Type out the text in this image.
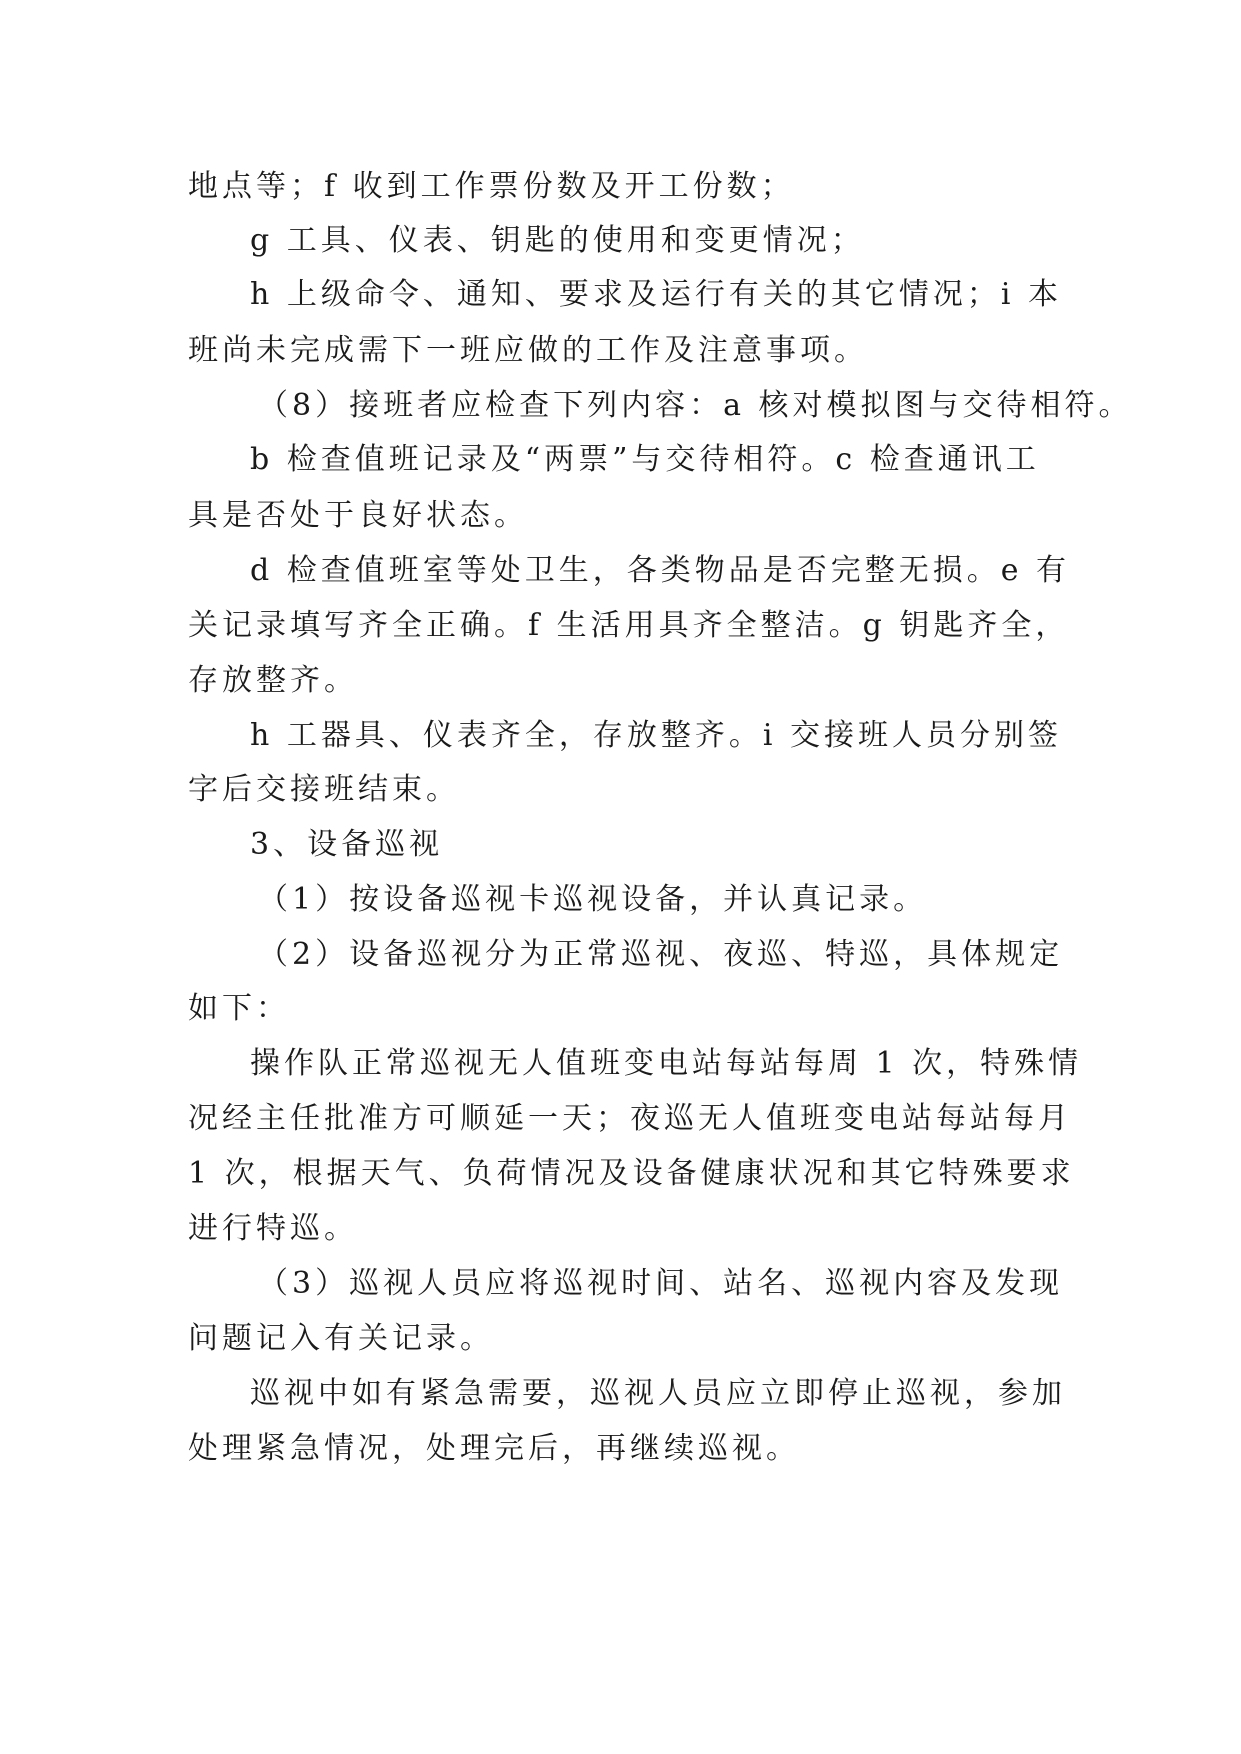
地点等；f 收到工作票份数及开工份数；
g 工具、仪表、钥匙的使用和变更情况；
h 上级命令、通知、要求及运行有关的其它情况；i 本
班尚未完成需下一班应做的工作及注意事项。
（8）接班者应检查下列内容：a 核对模拟图与交待相符。
b 检查值班记录及“两票”与交待相符。c 检查通讯工
具是否处于良好状态。
d 检查值班室等处卫生，各类物品是否完整无损。e 有
关记录填写齐全正确。f 生活用具齐全整洁。g 钥匙齐全，
存放整齐。
h 工器具、仪表齐全，存放整齐。i 交接班人员分别签
字后交接班结束。
3、设备巡视
（1）按设备巡视卡巡视设备，并认真记录。
（2）设备巡视分为正常巡视、夜巡、特巡，具体规定
如下：
操作队正常巡视无人值班变电站每站每周 1 次，特殊情
况经主任批准方可顺延一天；夜巡无人值班变电站每站每月
1 次，根据天气、负荷情况及设备健康状况和其它特殊要求
进行特巡。
（3）巡视人员应将巡视时间、站名、巡视内容及发现
问题记入有关记录。
巡视中如有紧急需要，巡视人员应立即停止巡视，参加
处理紧急情况，处理完后，再继续巡视。
